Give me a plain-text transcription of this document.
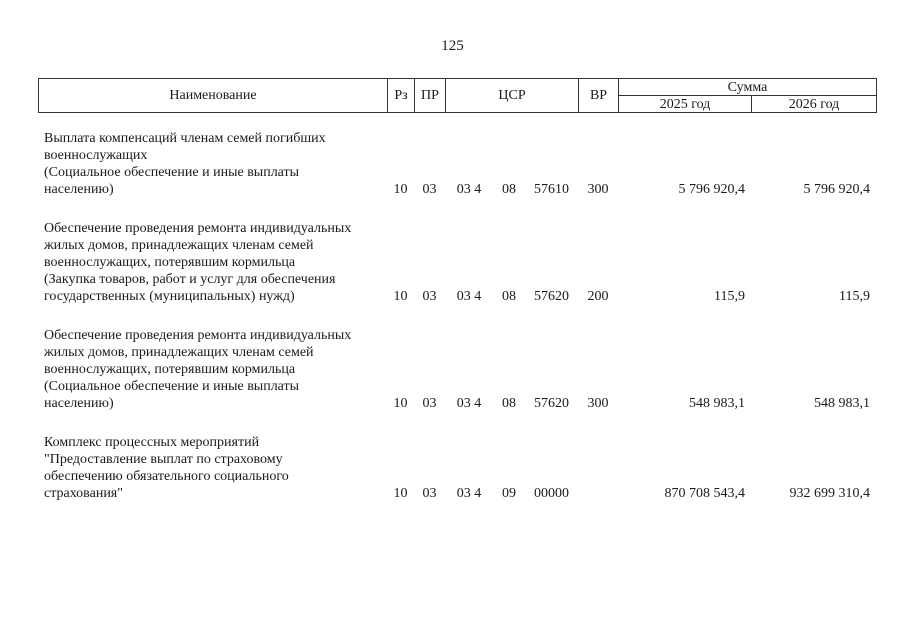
125
Наименование	Рз	ПР	ЦСР	ВР	Сумма	
					2025 год	2026 год
Выплата компенсаций членам семей погибших
военнослужащих
(Социальное обеспечение и иные выплаты
населению)	10	03	03 4	08	57610	300	5 796 920,4	5 796 920,4

Обеспечение проведения ремонта индивидуальных
жилых домов, принадлежащих членам семей
военнослужащих, потерявшим кормильца
(Закупка товаров, работ и услуг для обеспечения
государственных (муниципальных) нужд)	10	03	03 4	08	57620	200	115,9	115,9

Обеспечение проведения ремонта индивидуальных
жилых домов, принадлежащих членам семей
военнослужащих, потерявшим кормильца
(Социальное обеспечение и иные выплаты
населению)	10	03	03 4	08	57620	300	548 983,1	548 983,1

Комплекс процессных мероприятий
"Предоставление выплат по страховому
обеспечению обязательного социального
страхования"	10	03	03 4	09	00000		870 708 543,4	932 699 310,4
